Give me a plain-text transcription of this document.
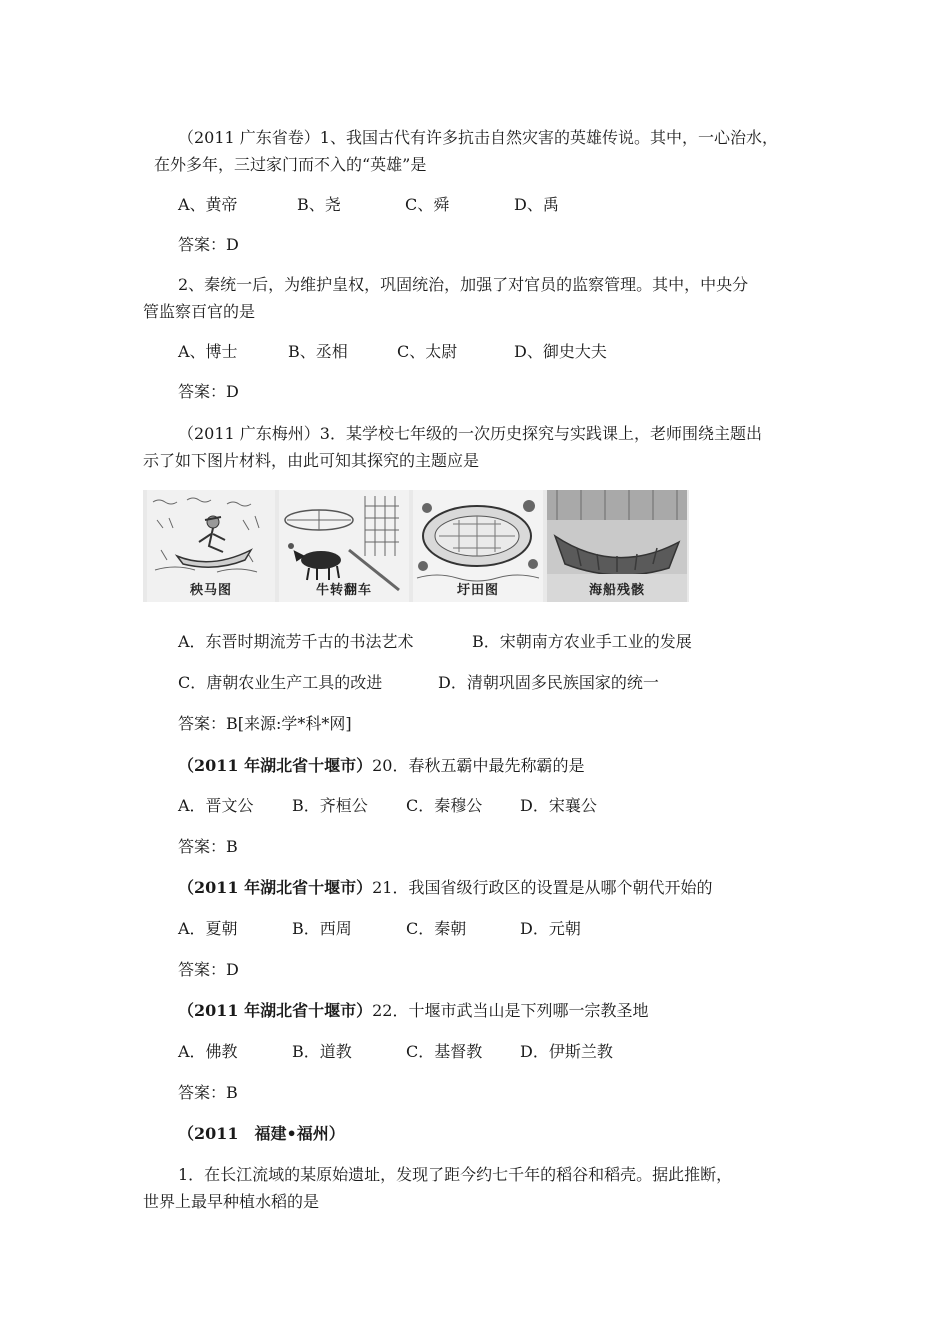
（2011 广东省卷）1、我国古代有许多抗击自然灾害的英雄传说。其中，一心治水，
在外多年，三过家门而不入的“英雄”是
A、黄帝	B、尧	C、舜	D、禹
答案：D
2、秦统一后，为维护皇权，巩固统治，加强了对官员的监察管理。其中，中央分
管监察百官的是
A、博士	B、丞相	C、太尉	D、御史大夫
答案：D
（2011 广东梅州）3．某学校七年级的一次历史探究与实践课上，老师围绕主题出
示了如下图片材料，由此可知其探究的主题应是
秧马图	牛转翻车	圩田图	海船残骸
A．东晋时期流芳千古的书法艺术	B．宋朝南方农业手工业的发展
C．唐朝农业生产工具的改进	D．清朝巩固多民族国家的统一
答案：B[来源:学*科*网]
（2011 年湖北省十堰市）20．春秋五霸中最先称霸的是
A．晋文公 B．齐桓公 C．秦穆公 D．宋襄公
答案：B
（2011 年湖北省十堰市）21．我国省级行政区的设置是从哪个朝代开始的
A．夏朝	B．西周	C．秦朝	D．元朝
答案：D
（2011 年湖北省十堰市）22．十堰市武当山是下列哪一宗教圣地
A．佛教	B．道教	C．基督教 D．伊斯兰教
答案：B
（2011　福建•福州）
1．在长江流域的某原始遗址，发现了距今约七千年的稻谷和稻壳。据此推断，
世界上最早种植水稻的是
